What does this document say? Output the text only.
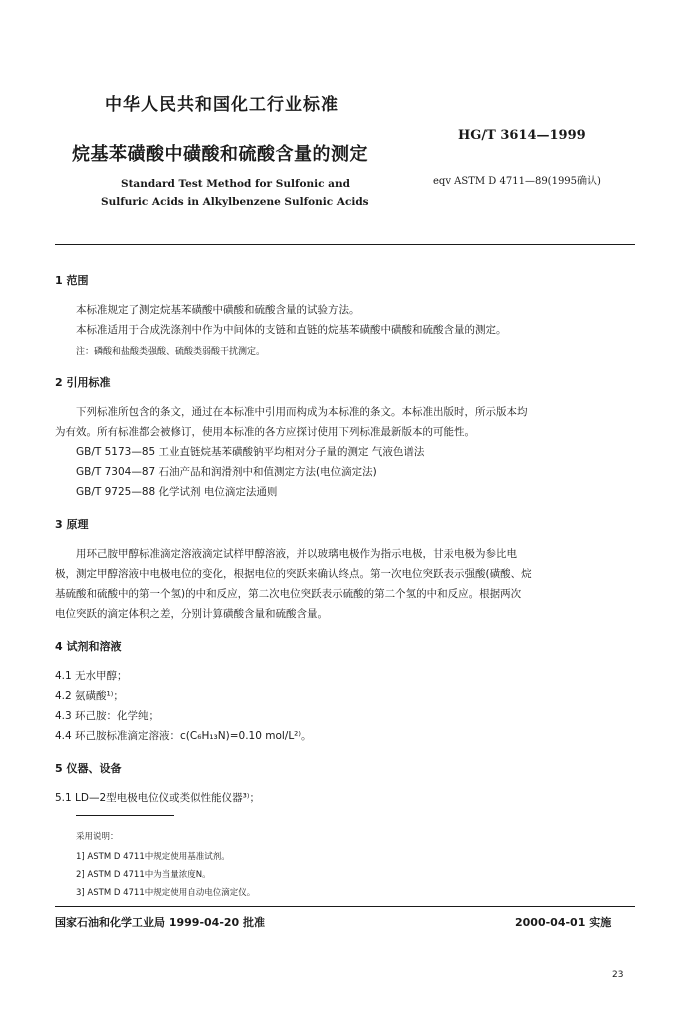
中华人民共和国化工行业标准
烷基苯磺酸中磺酸和硫酸含量的测定
HG/T 3614—1999
eqv ASTM D 4711—89(1995确认)
Standard Test Method for Sulfonic and
Sulfuric Acids in Alkylbenzene Sulfonic Acids
1 范围
本标准规定了测定烷基苯磺酸中磺酸和硫酸含量的试验方法。
本标准适用于合成洗涤剂中作为中间体的支链和直链的烷基苯磺酸中磺酸和硫酸含量的测定。
注：磷酸和盐酸类强酸、硫酸类弱酸干扰测定。
2 引用标准
下列标准所包含的条文，通过在本标准中引用而构成为本标准的条文。本标准出版时，所示版本均
为有效。所有标准都会被修订，使用本标准的各方应探讨使用下列标准最新版本的可能性。
GB/T 5173—85 工业直链烷基苯磺酸钠平均相对分子量的测定 气液色谱法
GB/T 7304—87 石油产品和润滑剂中和值测定方法(电位滴定法)
GB/T 9725—88 化学试剂 电位滴定法通则
3 原理
用环己胺甲醇标准滴定溶液滴定试样甲醇溶液，并以玻璃电极作为指示电极，甘汞电极为参比电
极，测定甲醇溶液中电极电位的变化，根据电位的突跃来确认终点。第一次电位突跃表示强酸(磺酸、烷
基硫酸和硫酸中的第一个氢)的中和反应，第二次电位突跃表示硫酸的第二个氢的中和反应。根据两次
电位突跃的滴定体积之差，分别计算磺酸含量和硫酸含量。
4 试剂和溶液
4.1 无水甲醇；
4.2 氨磺酸¹⁾；
4.3 环己胺：化学纯；
4.4 环己胺标准滴定溶液：c(C₆H₁₃N)=0.10 mol/L²⁾。
5 仪器、设备
5.1 LD—2型电极电位仪或类似性能仪器³⁾；
采用说明：
1] ASTM D 4711中规定使用基准试剂。
2] ASTM D 4711中为当量浓度N。
3] ASTM D 4711中规定使用自动电位滴定仪。
国家石油和化学工业局 1999-04-20 批准	2000-04-01 实施
23
